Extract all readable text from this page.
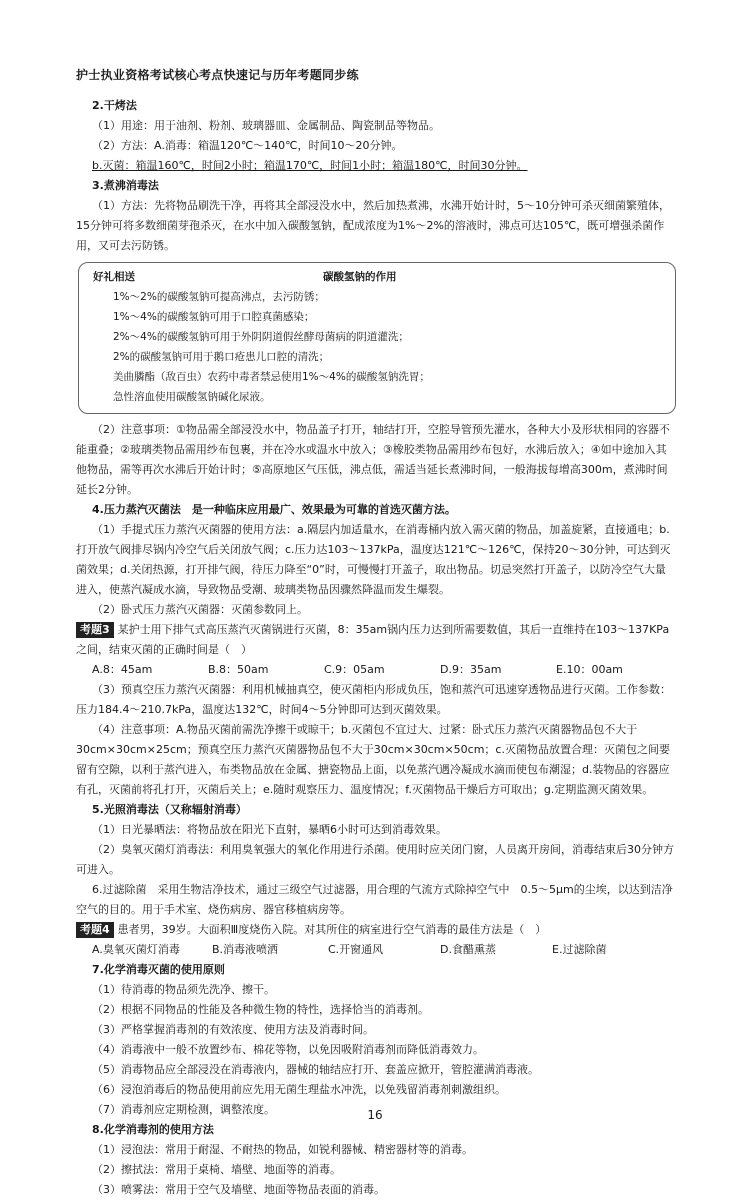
护士执业资格考试核心考点快速记与历年考题同步练

2.干烤法

（1）用途：用于油剂、粉剂、玻璃器皿、金属制品、陶瓷制品等物品。

（2）方法：A.消毒：箱温120℃～140℃，时间10～20分钟。

b.灭菌：箱温160℃，时间2小时；箱温170℃，时间1小时；箱温180℃，时间30分钟。

3.煮沸消毒法

（1）方法：先将物品刷洗干净，再将其全部浸没水中，然后加热煮沸，水沸开始计时，5～10分钟可杀灭细菌繁殖体，15分钟可将多数细菌芽孢杀灭，在水中加入碳酸氢钠，配成浓度为1%～2%的溶液时，沸点可达105℃，既可增强杀菌作用，又可去污防锈。

好礼相送	碳酸氢钠的作用
1%～2%的碳酸氢钠可提高沸点，去污防锈；
1%～4%的碳酸氢钠可用于口腔真菌感染；
2%～4%的碳酸氢钠可用于外阴阴道假丝酵母菌病的阴道灌洗；
2%的碳酸氢钠可用于鹅口疮患儿口腔的清洗；
美曲膦酯（敌百虫）农药中毒者禁忌使用1%～4%的碳酸氢钠洗胃；
急性溶血使用碳酸氢钠碱化尿液。

（2）注意事项：①物品需全部浸没水中，物品盖子打开，轴结打开，空腔导管预先灌水，各种大小及形状相同的容器不能重叠；②玻璃类物品需用纱布包裹，并在冷水或温水中放入；③橡胶类物品需用纱布包好，水沸后放入；④如中途加入其他物品，需等再次水沸后开始计时；⑤高原地区气压低，沸点低，需适当延长煮沸时间，一般海拔每增高300m，煮沸时间延长2分钟。

4.压力蒸汽灭菌法　是一种临床应用最广、效果最为可靠的首选灭菌方法。

（1）手提式压力蒸汽灭菌器的使用方法：a.隔层内加适量水，在消毒桶内放入需灭菌的物品，加盖旋紧，直接通电；b.打开放气阀排尽锅内冷空气后关闭放气阀；c.压力达103～137kPa，温度达121℃～126℃，保持20～30分钟，可达到灭菌效果；d.关闭热源，打开排气阀，待压力降至“0”时，可慢慢打开盖子，取出物品。切忌突然打开盖子，以防冷空气大量进入，使蒸汽凝成水滴，导致物品受潮、玻璃类物品因骤然降温而发生爆裂。

（2）卧式压力蒸汽灭菌器：灭菌参数同上。

考题3 某护士用下排气式高压蒸汽灭菌锅进行灭菌，8：35am锅内压力达到所需要数值，其后一直维持在103～137KPa之间，结束灭菌的正确时间是（　）

A.8：45am	B.8：50am	C.9：05am	D.9：35am	E.10：00am

（3）预真空压力蒸汽灭菌器：利用机械抽真空，使灭菌柜内形成负压，饱和蒸汽可迅速穿透物品进行灭菌。工作参数：压力184.4～210.7kPa，温度达132℃，时间4～5分钟即可达到灭菌效果。

（4）注意事项：A.物品灭菌前需洗净擦干或晾干；b.灭菌包不宜过大、过紧：卧式压力蒸汽灭菌器物品包不大于30cm×30cm×25cm；预真空压力蒸汽灭菌器物品包不大于30cm×30cm×50cm；c.灭菌物品放置合理：灭菌包之间要留有空隙，以利于蒸汽进入，布类物品放在金属、搪瓷物品上面，以免蒸汽遇冷凝成水滴而使包布潮湿；d.装物品的容器应有孔，灭菌前将孔打开，灭菌后关上；e.随时观察压力、温度情况；f.灭菌物品干燥后方可取出；g.定期监测灭菌效果。

5.光照消毒法（又称辐射消毒）

（1）日光暴晒法：将物品放在阳光下直射，暴晒6小时可达到消毒效果。

（2）臭氧灭菌灯消毒法：利用臭氧强大的氧化作用进行杀菌。使用时应关闭门窗，人员离开房间，消毒结束后30分钟方可进入。

6.过滤除菌　采用生物洁净技术，通过三级空气过滤器，用合理的气流方式除掉空气中　0.5～5μm的尘埃，以达到洁净空气的目的。用于手术室、烧伤病房、器官移植病房等。

考题4 患者男，39岁。大面积Ⅲ度烧伤入院。对其所住的病室进行空气消毒的最佳方法是（　）

A.臭氧灭菌灯消毒	B.消毒液喷洒	C.开窗通风	D.食醋熏蒸	E.过滤除菌

7.化学消毒灭菌的使用原则

（1）待消毒的物品须先洗净、擦干。

（2）根据不同物品的性能及各种微生物的特性，选择恰当的消毒剂。

（3）严格掌握消毒剂的有效浓度、使用方法及消毒时间。

（4）消毒液中一般不放置纱布、棉花等物，以免因吸附消毒剂而降低消毒效力。

（5）消毒物品应全部浸没在消毒液内，器械的轴结应打开、套盖应掀开，管腔灌满消毒液。

（6）浸泡消毒后的物品使用前应先用无菌生理盐水冲洗，以免残留消毒剂刺激组织。

（7）消毒剂应定期检测，调整浓度。

8.化学消毒剂的使用方法

（1）浸泡法：常用于耐湿、不耐热的物品，如锐利器械、精密器材等的消毒。

（2）擦拭法：常用于桌椅、墙壁、地面等的消毒。

（3）喷雾法：常用于空气及墙壁、地面等物品表面的消毒。

16
